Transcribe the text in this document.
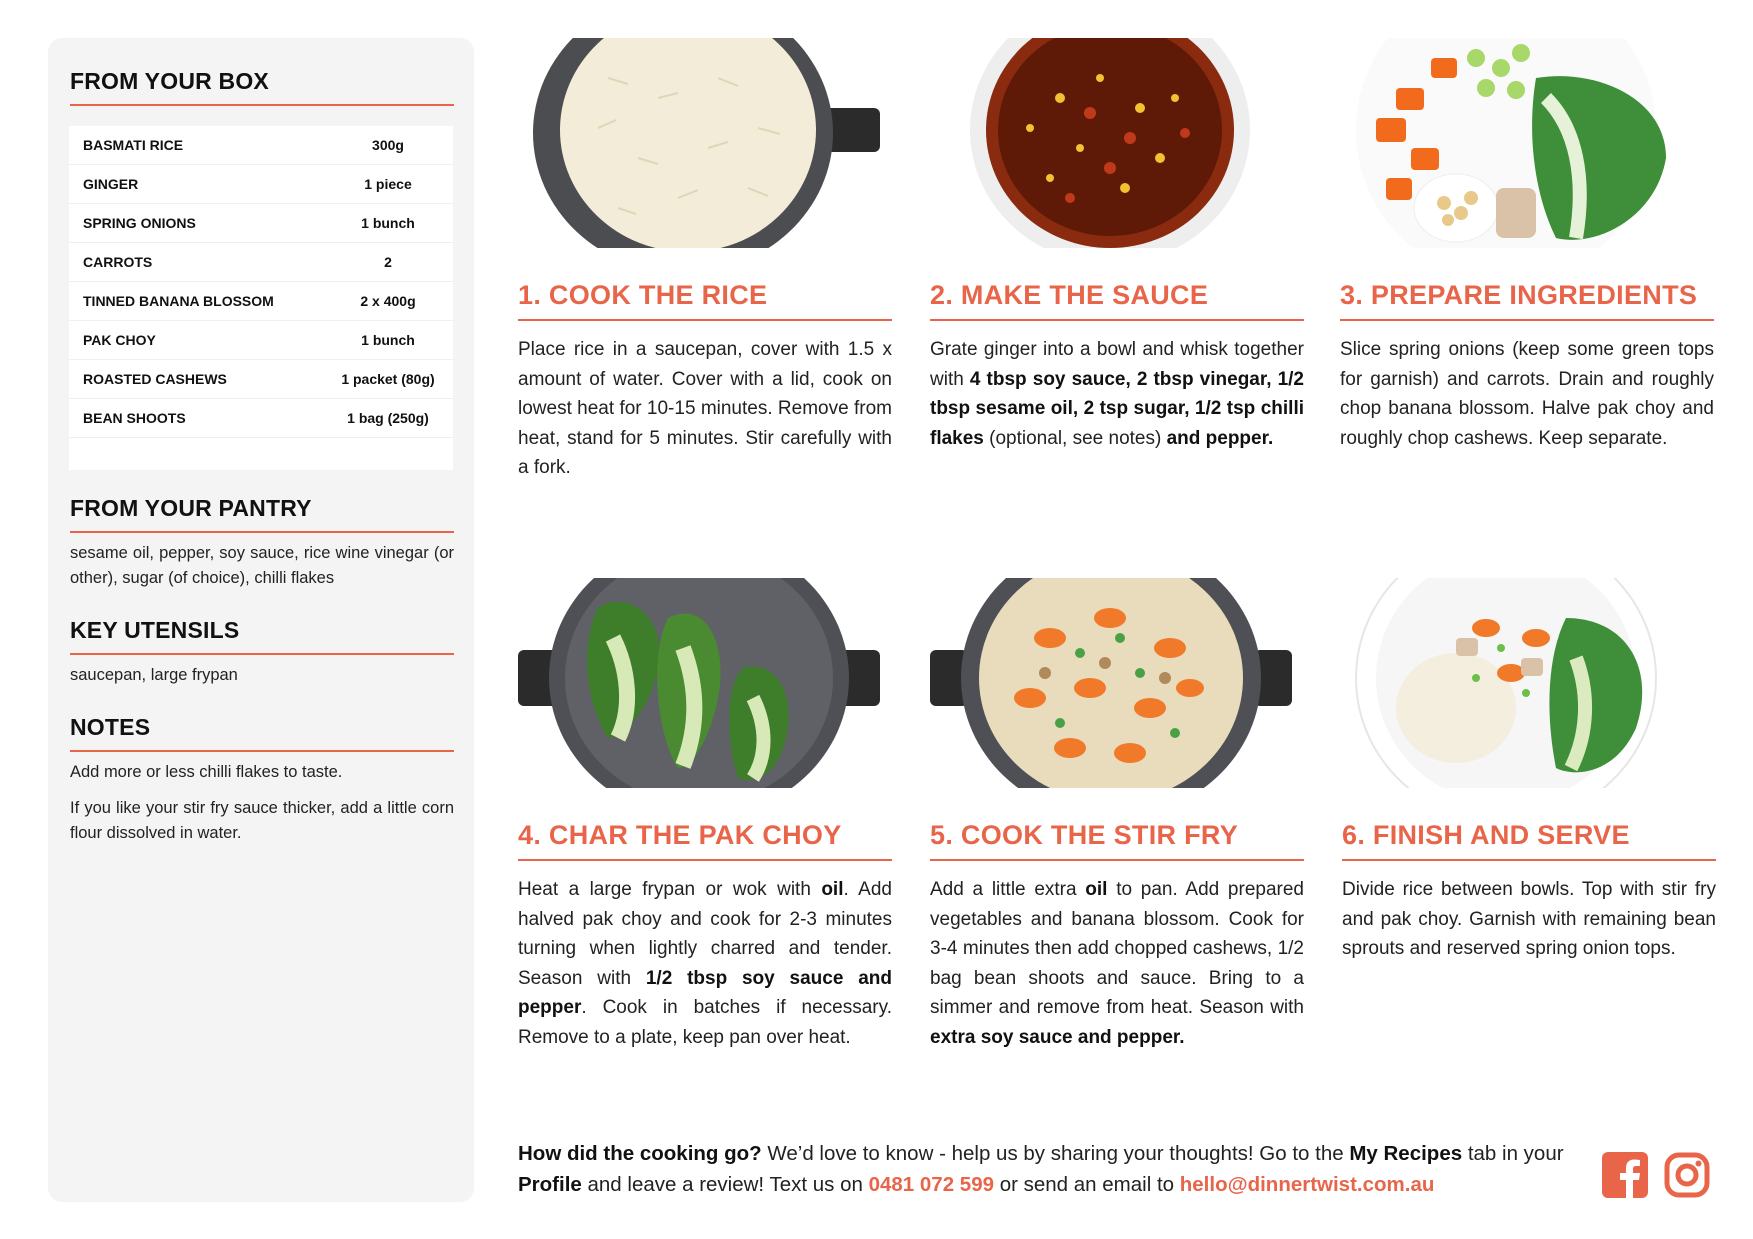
FROM YOUR BOX
BASMATI RICE	300g
GINGER	1 piece
SPRING ONIONS	1 bunch
CARROTS	2
TINNED BANANA BLOSSOM	2 x 400g
PAK CHOY	1 bunch
ROASTED CASHEWS	1 packet (80g)
BEAN SHOOTS	1 bag (250g)
FROM YOUR PANTRY
sesame oil, pepper, soy sauce, rice wine vinegar (or other), sugar (of choice), chilli flakes
KEY UTENSILS
saucepan, large frypan
NOTES
Add more or less chilli flakes to taste.
If you like your stir fry sauce thicker, add a little corn flour dissolved in water.
1. COOK THE RICE
Place rice in a saucepan, cover with 1.5 x amount of water. Cover with a lid, cook on lowest heat for 10-15 minutes. Remove from heat, stand for 5 minutes. Stir carefully with a fork.
2. MAKE THE SAUCE
Grate ginger into a bowl and whisk together with 4 tbsp soy sauce, 2 tbsp vinegar, 1/2 tbsp sesame oil, 2 tsp sugar, 1/2 tsp chilli flakes (optional, see notes) and pepper.
3. PREPARE INGREDIENTS
Slice spring onions (keep some green tops for garnish) and carrots. Drain and roughly chop banana blossom. Halve pak choy and roughly chop cashews. Keep separate.
4. CHAR THE PAK CHOY
Heat a large frypan or wok with oil. Add halved pak choy and cook for 2-3 minutes turning when lightly charred and tender. Season with 1/2 tbsp soy sauce and pepper. Cook in batches if necessary. Remove to a plate, keep pan over heat.
5. COOK THE STIR FRY
Add a little extra oil to pan. Add prepared vegetables and banana blossom. Cook for 3-4 minutes then add chopped cashews, 1/2 bag bean shoots and sauce. Bring to a simmer and remove from heat. Season with extra soy sauce and pepper.
6. FINISH AND SERVE
Divide rice between bowls. Top with stir fry and pak choy. Garnish with remaining bean sprouts and reserved spring onion tops.
How did the cooking go? We’d love to know - help us by sharing your thoughts! Go to the My Recipes tab in your Profile and leave a review! Text us on 0481 072 599 or send an email to hello@dinnertwist.com.au
